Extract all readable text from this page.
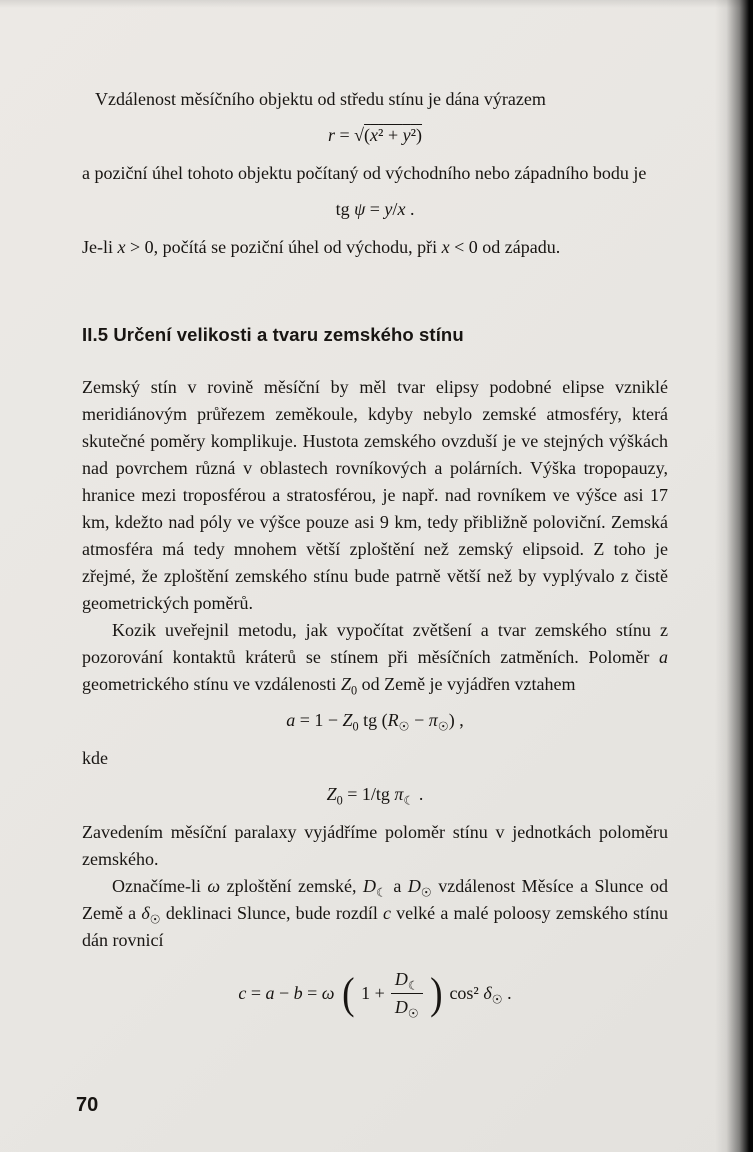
Vzdálenost měsíčního objektu od středu stínu je dána výrazem

$r = √(\overline{x}^2 + \overline{y}^2)$

a poziční úhel tohoto objektu počítaný od východního nebo západního bodu je

tg ψ = y/x .

Je-li x > 0, počítá se poziční úhel od východu, při x < 0 od západu.

II.5 Určení velikosti a tvaru zemského stínu

Zemský stín v rovině měsíční by měl tvar elipsy podobné elipse vzniklé meridiánovým průřezem zeměkoule, kdyby nebylo zemské atmosféry, která skutečné poměry komplikuje. Hustota zemského ovzduší je ve stejných výškách nad povrchem různá v oblastech rovníkových a polárních. Výška tropopauzy, hranice mezi troposférou a stratosférou, je např. nad rovníkem ve výšce asi 17 km, kdežto nad póly ve výšce pouze asi 9 km, tedy přibližně poloviční. Zemská atmosféra má tedy mnohem větší zploštění než zemský elipsoid. Z toho je zřejmé, že zploštění zemského stínu bude patrně větší než by vyplývalo z čistě geometrických poměrů.

Kozik uveřejnil metodu, jak vypočítat zvětšení a tvar zemského stínu z pozorování kontaktů kráterů se stínem při měsíčních zatměních. Poloměr a geometrického stínu ve vzdálenosti $Z_0$ od Země je vyjádřen vztahem

$a = 1 - Z_0$ tg $(R_☉ - \pi_☉)$ ,

kde

$Z_0 = 1/tg$ $\pi_☾$ .

Zavedením měsíční paralaxy vyjádříme poloměr stínu v jednotkách poloměru zemského.

Označíme-li ω zploštění zemské, $D_☾$ a $D_☉$ vzdálenost Měsíce a Slunce od Země a $\delta_☉$ deklinaci Slunce, bude rozdíl c velké a malé poloosy zemského stínu dán rovnicí

c = a − b = ω ( $1 + \frac{D_☾}{D_☉}$ ) cos² $\delta_☉$ .
70
